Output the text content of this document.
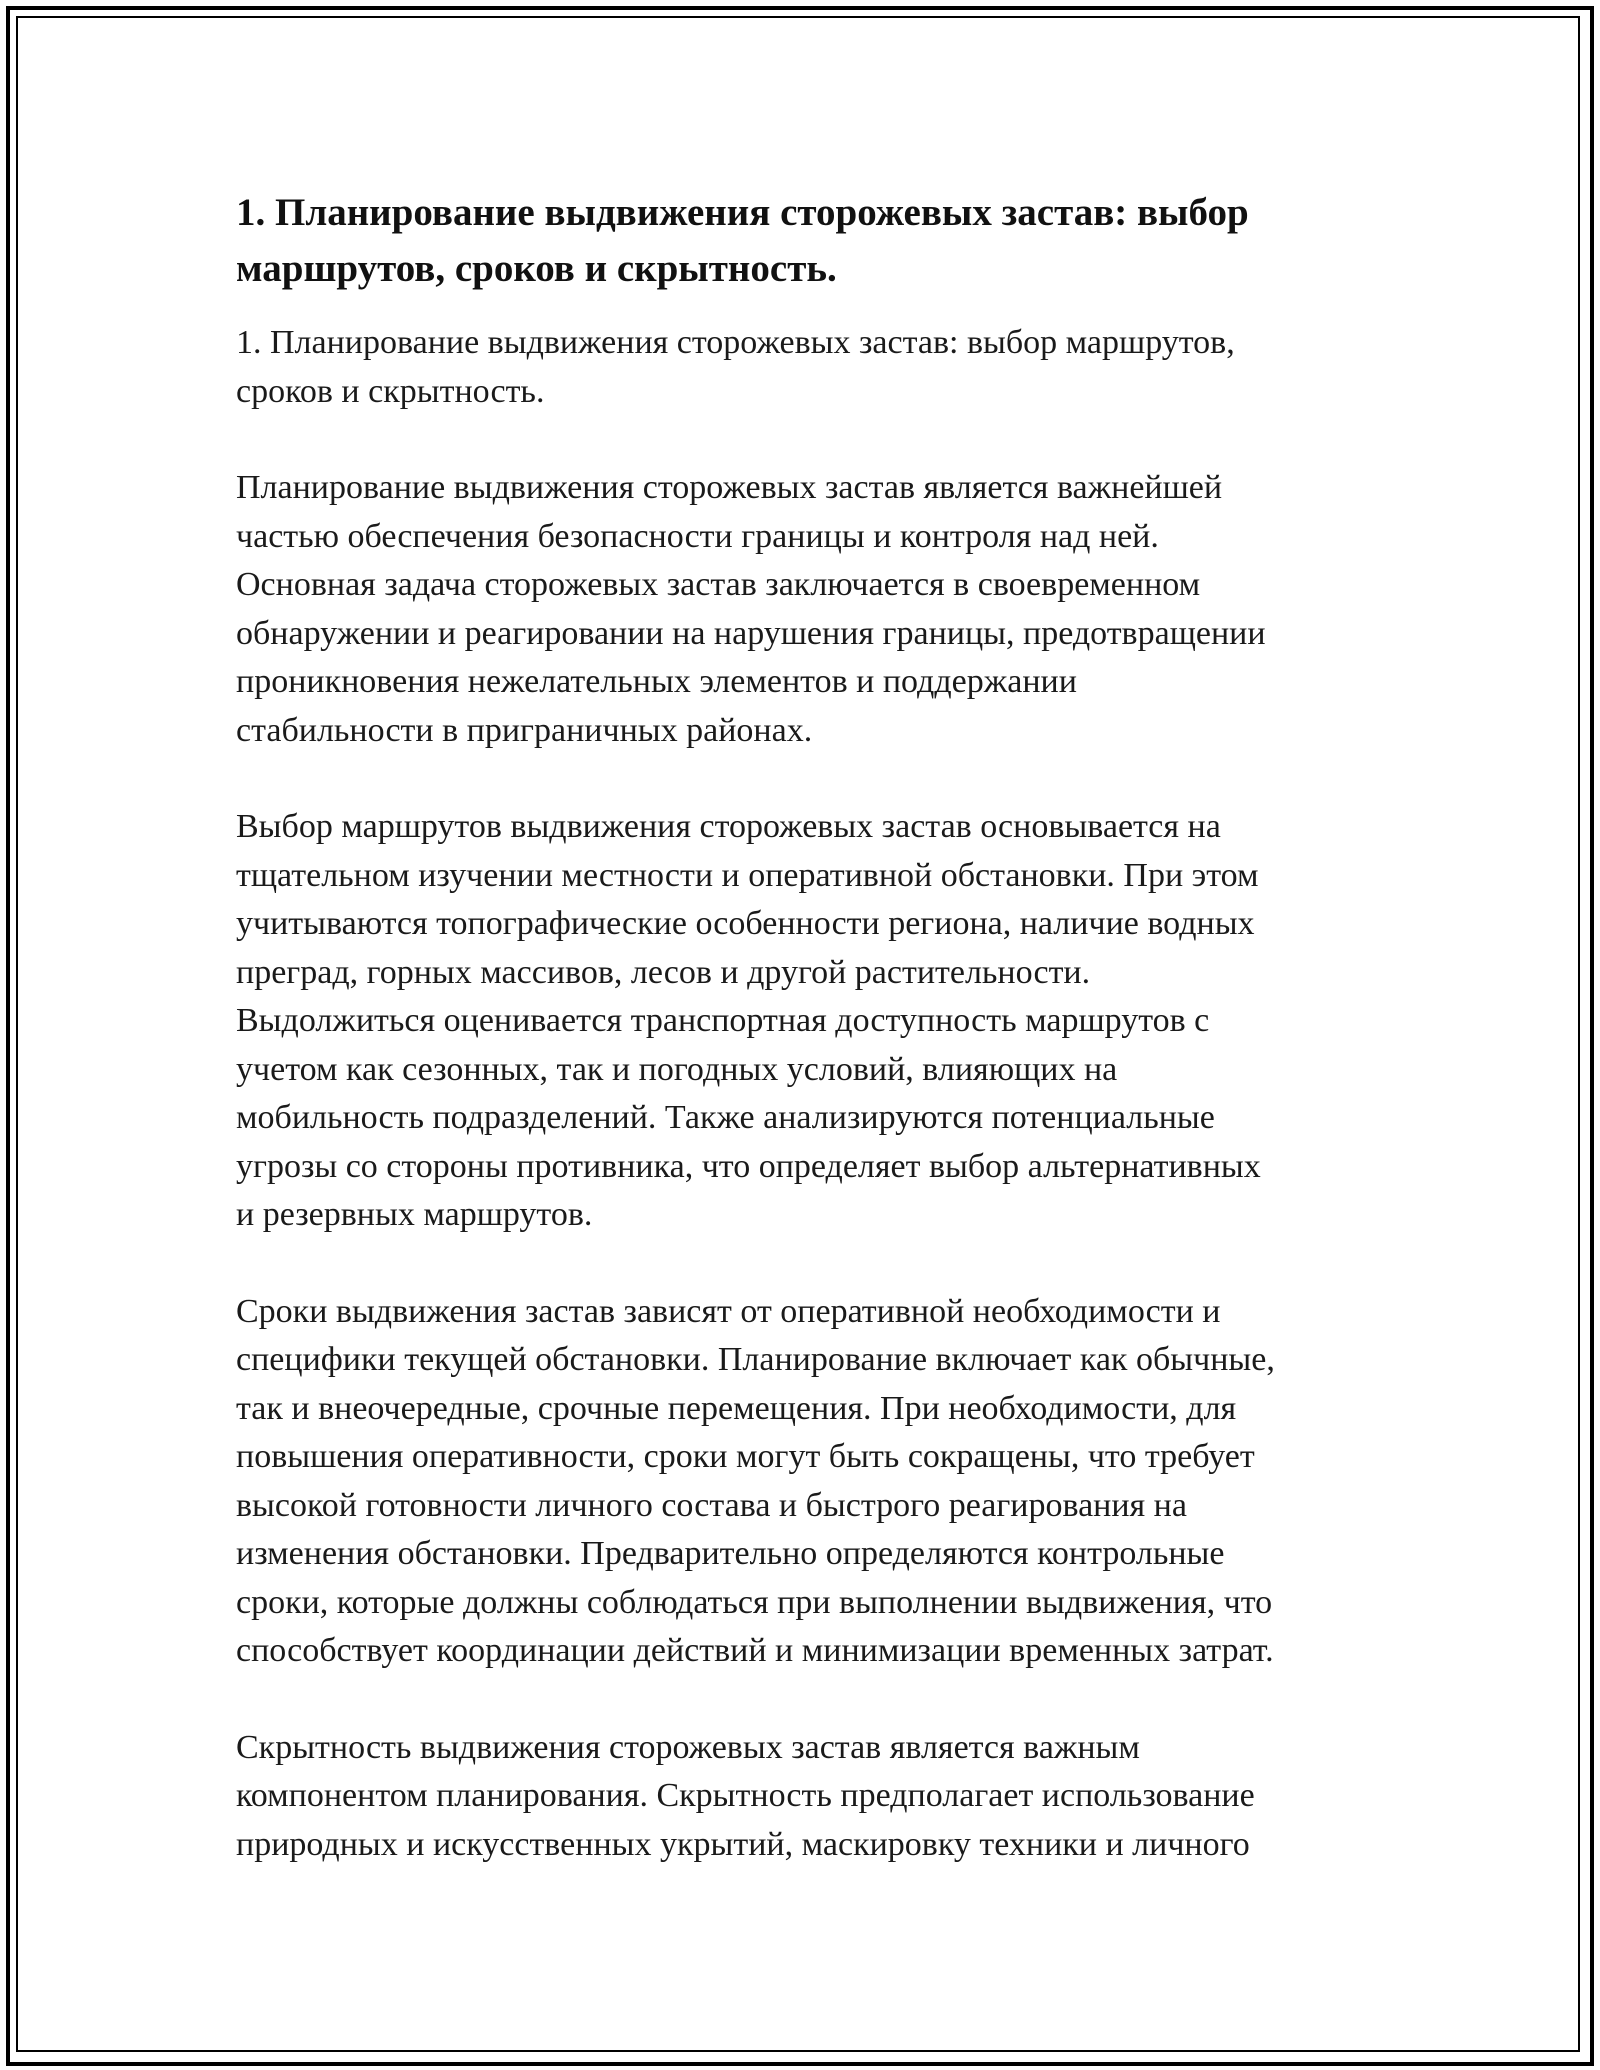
1. Планирование выдвижения сторожевых застав: выбор
маршрутов, сроков и скрытность.

1. Планирование выдвижения сторожевых застав: выбор маршрутов,
сроков и скрытность.

Планирование выдвижения сторожевых застав является важнейшей
частью обеспечения безопасности границы и контроля над ней.
Основная задача сторожевых застав заключается в своевременном
обнаружении и реагировании на нарушения границы, предотвращении
проникновения нежелательных элементов и поддержании
стабильности в приграничных районах.

Выбор маршрутов выдвижения сторожевых застав основывается на
тщательном изучении местности и оперативной обстановки. При этом
учитываются топографические особенности региона, наличие водных
преград, горных массивов, лесов и другой растительности.
Выдолжиться оценивается транспортная доступность маршрутов с
учетом как сезонных, так и погодных условий, влияющих на
мобильность подразделений. Также анализируются потенциальные
угрозы со стороны противника, что определяет выбор альтернативных
и резервных маршрутов.

Сроки выдвижения застав зависят от оперативной необходимости и
специфики текущей обстановки. Планирование включает как обычные,
так и внеочередные, срочные перемещения. При необходимости, для
повышения оперативности, сроки могут быть сокращены, что требует
высокой готовности личного состава и быстрого реагирования на
изменения обстановки. Предварительно определяются контрольные
сроки, которые должны соблюдаться при выполнении выдвижения, что
способствует координации действий и минимизации временных затрат.

Скрытность выдвижения сторожевых застав является важным
компонентом планирования. Скрытность предполагает использование
природных и искусственных укрытий, маскировку техники и личного
